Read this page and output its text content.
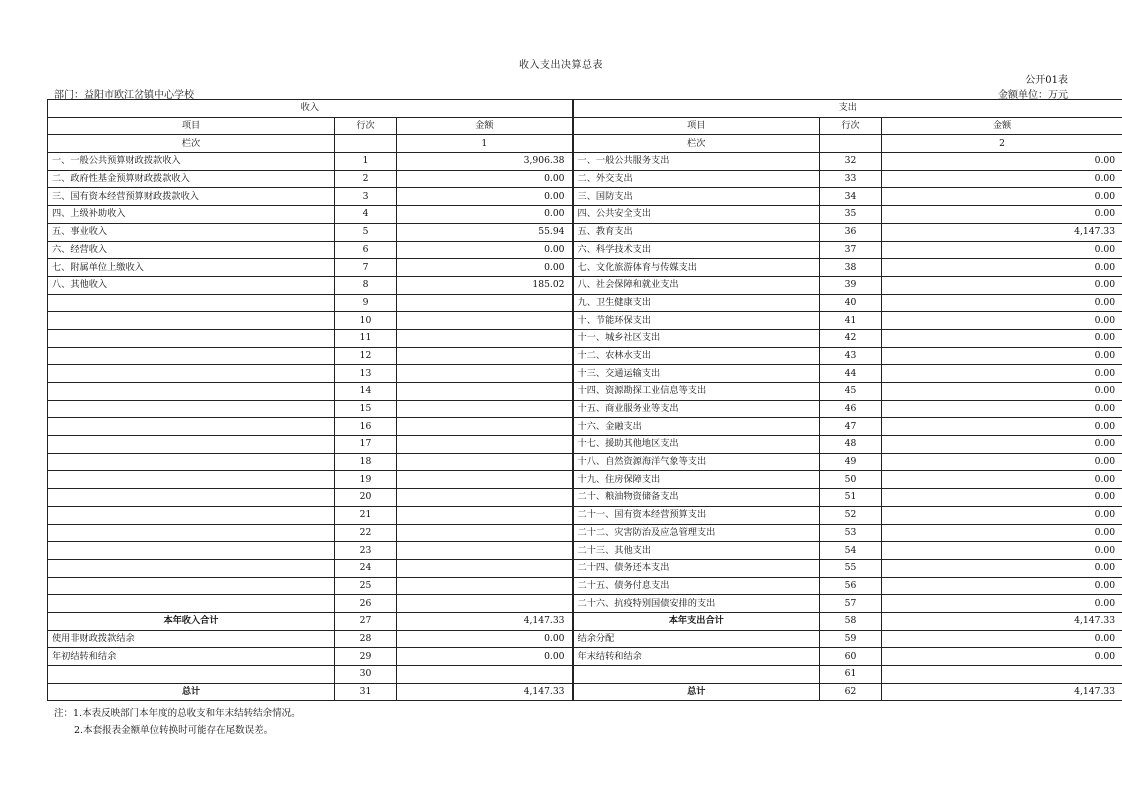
收入支出决算总表
公开01表
部门：益阳市欧江岔镇中心学校	金额单位：万元
收入			支出		
项目	行次	金额	项目	行次	金额
栏次		1	栏次		2
一、一般公共预算财政拨款收入	1	3,906.38	一、一般公共服务支出	32	0.00
二、政府性基金预算财政拨款收入	2	0.00	二、外交支出	33	0.00
三、国有资本经营预算财政拨款收入	3	0.00	三、国防支出	34	0.00
四、上级补助收入	4	0.00	四、公共安全支出	35	0.00
五、事业收入	5	55.94	五、教育支出	36	4,147.33
六、经营收入	6	0.00	六、科学技术支出	37	0.00
七、附属单位上缴收入	7	0.00	七、文化旅游体育与传媒支出	38	0.00
八、其他收入	8	185.02	八、社会保障和就业支出	39	0.00
	9		九、卫生健康支出	40	0.00
	10		十、节能环保支出	41	0.00
	11		十一、城乡社区支出	42	0.00
	12		十二、农林水支出	43	0.00
	13		十三、交通运输支出	44	0.00
	14		十四、资源勘探工业信息等支出	45	0.00
	15		十五、商业服务业等支出	46	0.00
	16		十六、金融支出	47	0.00
	17		十七、援助其他地区支出	48	0.00
	18		十八、自然资源海洋气象等支出	49	0.00
	19		十九、住房保障支出	50	0.00
	20		二十、粮油物资储备支出	51	0.00
	21		二十一、国有资本经营预算支出	52	0.00
	22		二十二、灾害防治及应急管理支出	53	0.00
	23		二十三、其他支出	54	0.00
	24		二十四、债务还本支出	55	0.00
	25		二十五、债务付息支出	56	0.00
	26		二十六、抗疫特别国债安排的支出	57	0.00
本年收入合计	27	4,147.33	本年支出合计	58	4,147.33
使用非财政拨款结余	28	0.00	结余分配	59	0.00
年初结转和结余	29	0.00	年末结转和结余	60	0.00
	30			61	
总计	31	4,147.33	总计	62	4,147.33
注：1.本表反映部门本年度的总收支和年末结转结余情况。
2.本套报表金额单位转换时可能存在尾数误差。
